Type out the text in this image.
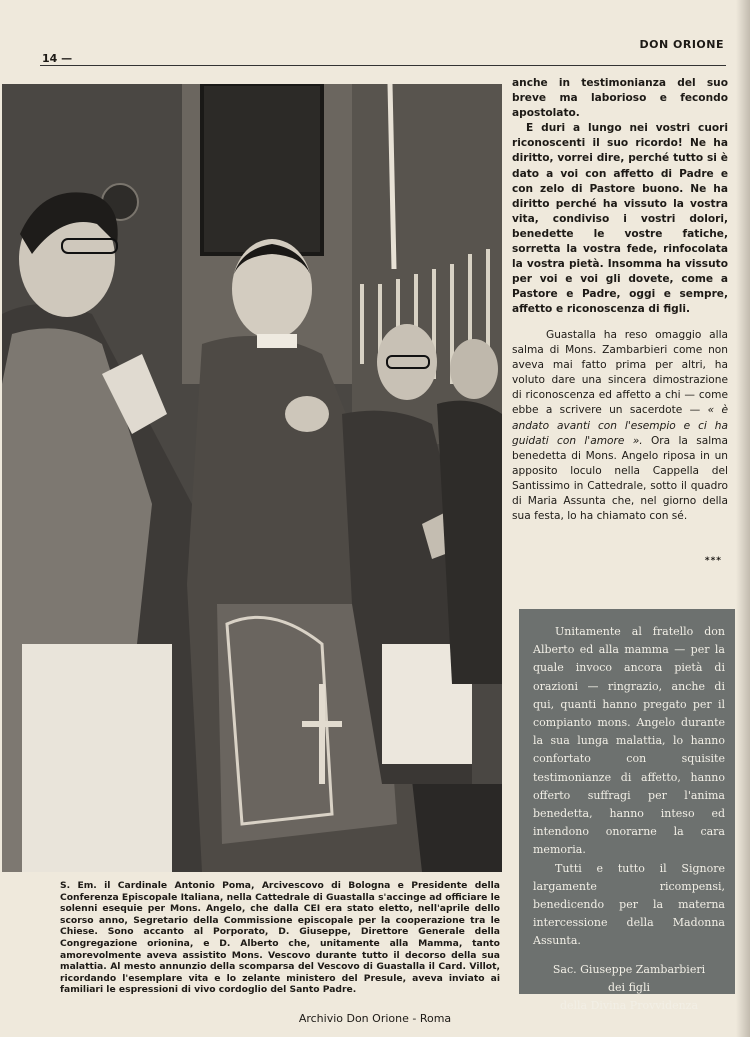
14 —
DON ORIONE
S. Em. il Cardinale Antonio Poma, Arcivescovo di Bologna e Presidente della Conferenza Episcopale Italiana, nella Cattedrale di Guastalla s'accinge ad officiare le solenni esequie per Mons. Angelo, che dalla CEI era stato eletto, nell'aprile dello scorso anno, Segretario della Commissione episcopale per la cooperazione tra le Chiese. Sono accanto al Porporato, D. Giuseppe, Direttore Generale della Congregazione orionina, e D. Alberto che, unitamente alla Mamma, tanto amorevolmente aveva assistito Mons. Vescovo durante tutto il decorso della sua malattia. Al mesto annunzio della scomparsa del Vescovo di Guastalla il Card. Villot, ricordando l'esemplare vita e lo zelante ministero del Presule, aveva inviato ai familiari le espressioni di vivo cordoglio del Santo Padre.

anche in testimonianza del suo breve ma laborioso e fecondo apostolato.

E duri a lungo nei vostri cuori riconoscenti il suo ricordo! Ne ha diritto, vorrei dire, perché tutto si è dato a voi con affetto di Padre e con zelo di Pastore buono. Ne ha diritto perché ha vissuto la vostra vita, condiviso i vostri dolori, benedette le vostre fatiche, sorretta la vostra fede, rinfocolata la vostra pietà. Insomma ha vissuto per voi e voi gli dovete, come a Pastore e Padre, oggi e sempre, affetto e riconoscenza di figli.

Guastalla ha reso omaggio alla salma di Mons. Zambarbieri come non aveva mai fatto prima per altri, ha voluto dare una sincera dimostrazione di riconoscenza ed affetto a chi — come ebbe a scrivere un sacerdote — « è andato avanti con l'esempio e ci ha guidati con l'amore ». Ora la salma benedetta di Mons. Angelo riposa in un apposito loculo nella Cappella del Santissimo in Cattedrale, sotto il quadro di Maria Assunta che, nel giorno della sua festa, lo ha chiamato con sé.

***

Unitamente al fratello don Alberto ed alla mamma — per la quale invoco ancora pietà di orazioni — ringrazio, anche di qui, quanti hanno pregato per il compianto mons. Angelo durante la sua lunga malattia, lo hanno confortato con squisite testimonianze di affetto, hanno offerto suffragi per l'anima benedetta, hanno inteso ed intendono onorarne la cara memoria.

Tutti e tutto il Signore largamente ricompensi, benedicendo per la materna intercessione della Madonna Assunta.

Sac. Giuseppe Zambarbieri
dei figli
della Divina Provvidenza
Archivio Don Orione - Roma
